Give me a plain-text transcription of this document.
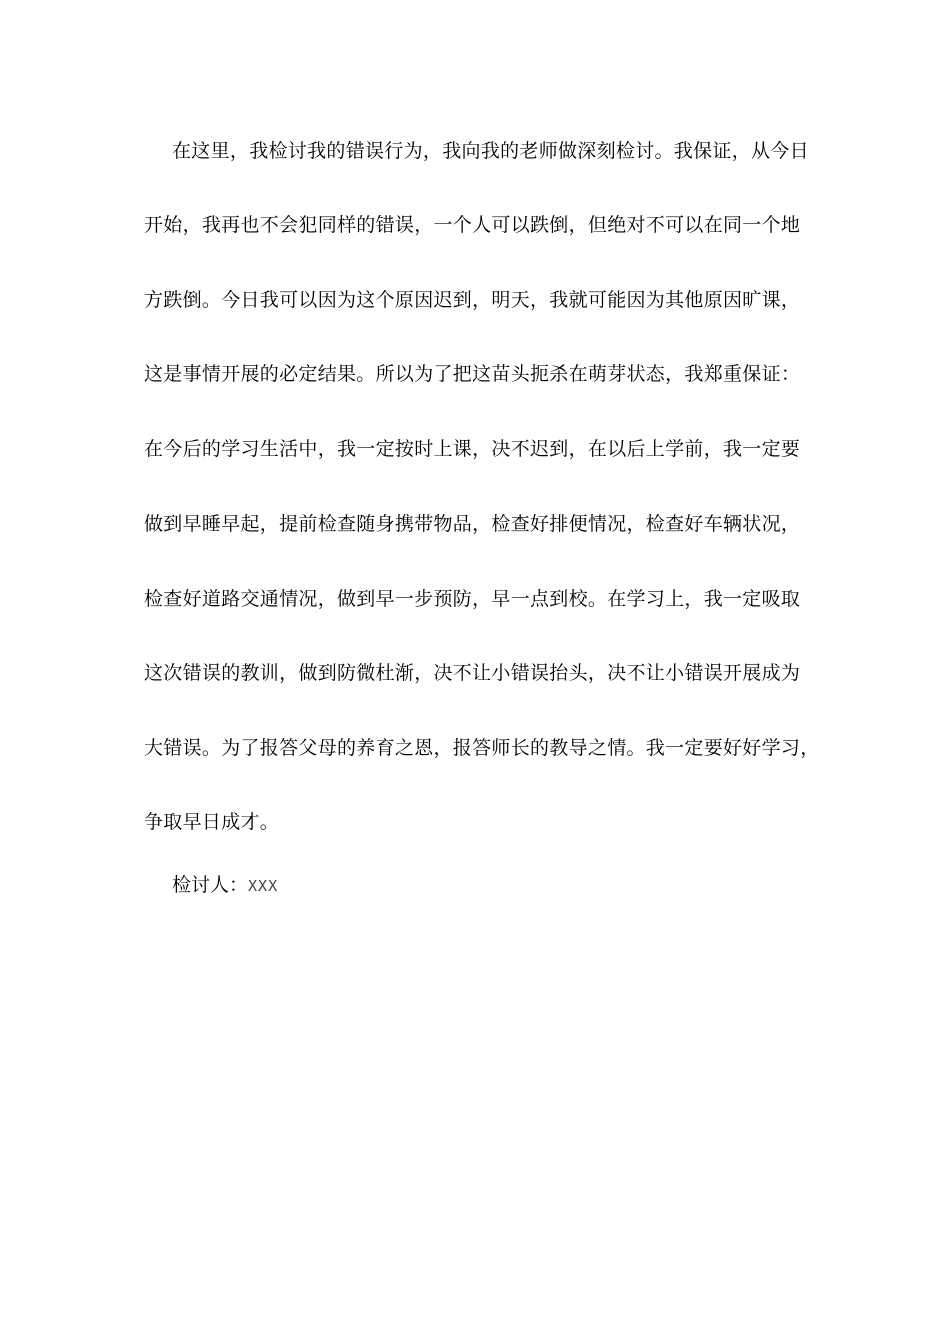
在这里，我检讨我的错误行为，我向我的老师做深刻检讨。我保证，从今日
开始，我再也不会犯同样的错误，一个人可以跌倒，但绝对不可以在同一个地
方跌倒。今日我可以因为这个原因迟到，明天，我就可能因为其他原因旷课，
这是事情开展的必定结果。所以为了把这苗头扼杀在萌芽状态，我郑重保证：
在今后的学习生活中，我一定按时上课，决不迟到，在以后上学前，我一定要
做到早睡早起，提前检查随身携带物品，检查好排便情况，检查好车辆状况，
检查好道路交通情况，做到早一步预防，早一点到校。在学习上，我一定吸取
这次错误的教训，做到防微杜渐，决不让小错误抬头，决不让小错误开展成为
大错误。为了报答父母的养育之恩，报答师长的教导之情。我一定要好好学习，
争取早日成才。
检讨人：XXX
